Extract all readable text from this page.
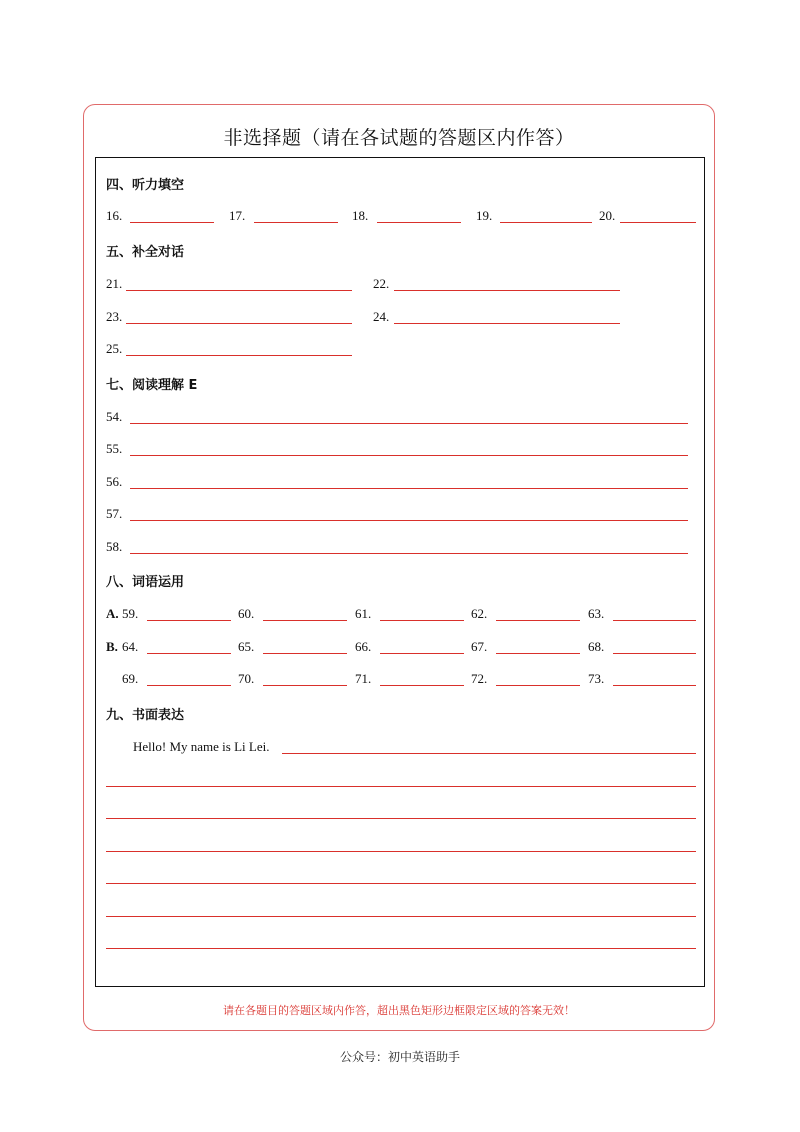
非选择题（请在各试题的答题区内作答）
四、听力填空
16.	17.	18.	19.	20.
五、补全对话
21.	22.
23.	24.
25.
七、阅读理解 E
54.
55.
56.
57.
58.
八、词语运用
A. 59.	60.	61.	62.	63.
B. 64.	65.	66.	67.	68.
69.	70.	71.	72.	73.
九、书面表达
Hello! My name is Li Lei.
请在各题目的答题区域内作答，超出黑色矩形边框限定区域的答案无效！
公众号：初中英语助手
